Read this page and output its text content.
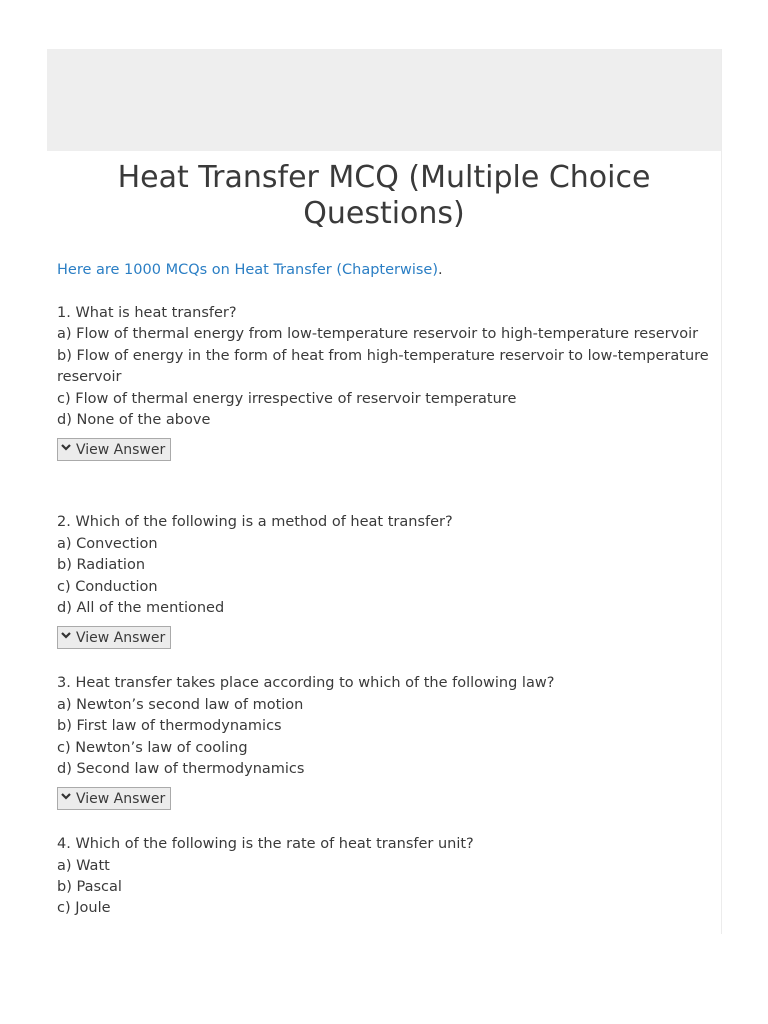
Heat Transfer MCQ (Multiple Choice Questions)
Here are 1000 MCQs on Heat Transfer (Chapterwise).
1. What is heat transfer?
a) Flow of thermal energy from low-temperature reservoir to high-temperature reservoir
b) Flow of energy in the form of heat from high-temperature reservoir to low-temperature reservoir
c) Flow of thermal energy irrespective of reservoir temperature
d) None of the above
View Answer
2. Which of the following is a method of heat transfer?
a) Convection
b) Radiation
c) Conduction
d) All of the mentioned
View Answer
3. Heat transfer takes place according to which of the following law?
a) Newton’s second law of motion
b) First law of thermodynamics
c) Newton’s law of cooling
d) Second law of thermodynamics
View Answer
4. Which of the following is the rate of heat transfer unit?
a) Watt
b) Pascal
c) Joule
